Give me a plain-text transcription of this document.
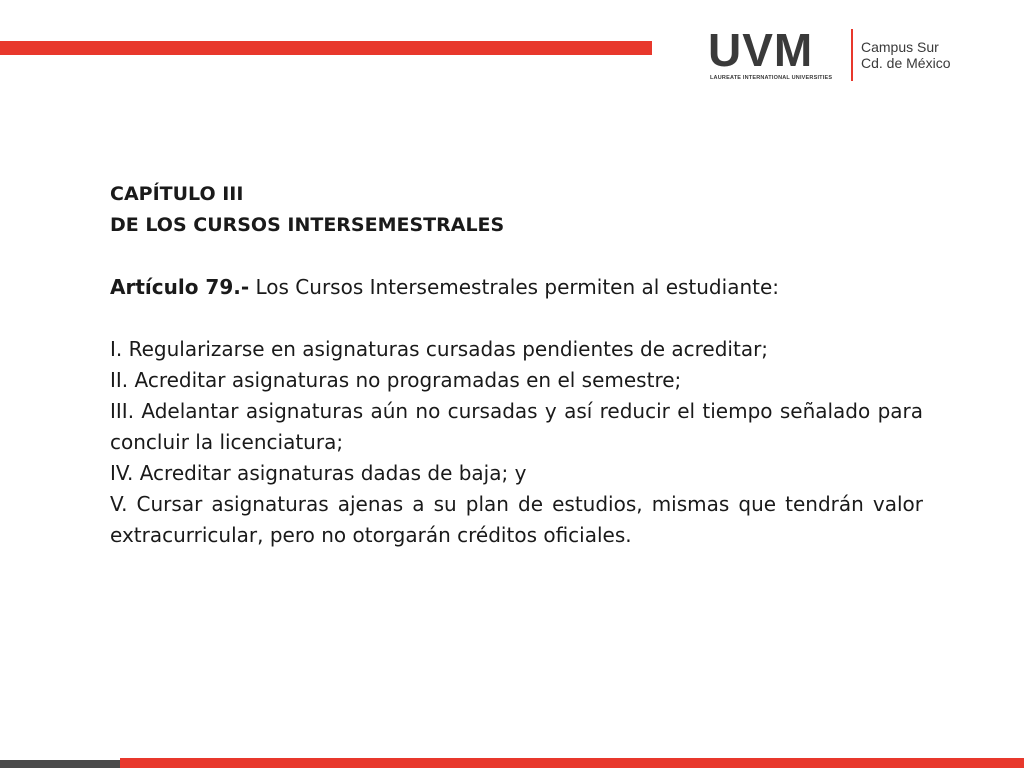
UVM
LAUREATE INTERNATIONAL UNIVERSITIES
Campus Sur
Cd. de México
CAPÍTULO III
DE LOS CURSOS INTERSEMESTRALES
Artículo 79.- Los Cursos Intersemestrales permiten al estudiante:

I. Regularizarse en asignaturas cursadas pendientes de acreditar;

II. Acreditar asignaturas no programadas en el semestre;

III. Adelantar asignaturas aún no cursadas y así reducir el tiempo señalado para concluir la licenciatura;

IV. Acreditar asignaturas dadas de baja; y

V. Cursar asignaturas ajenas a su plan de estudios, mismas que tendrán valor extracurricular, pero no otorgarán créditos oficiales.
